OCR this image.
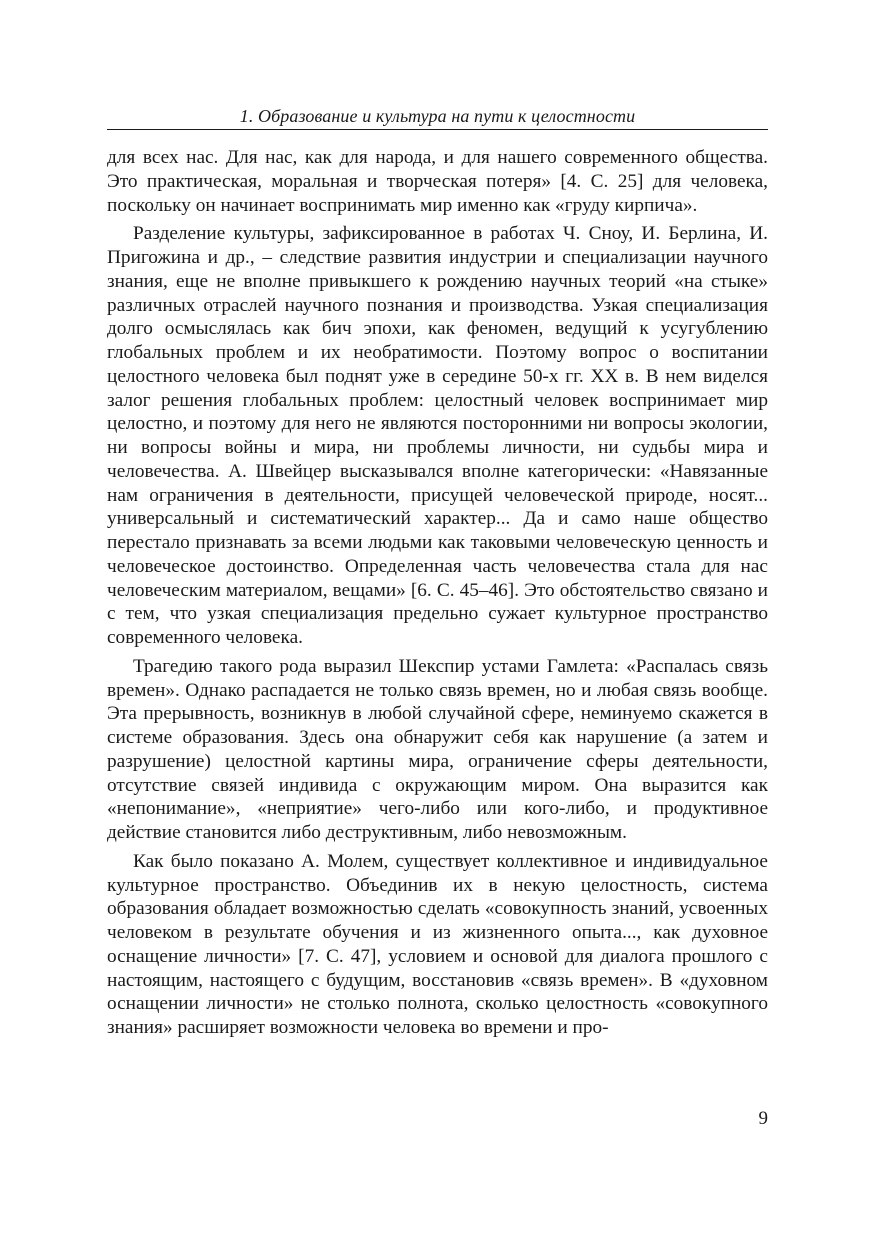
1. Образование и культура на пути к целостности

для всех нас. Для нас, как для народа, и для нашего современного общества. Это практическая, моральная и творческая потеря» [4. С. 25] для человека, поскольку он начинает воспринимать мир именно как «груду кирпича».

Разделение культуры, зафиксированное в работах Ч. Сноу, И. Берлина, И. Пригожина и др., – следствие развития индустрии и специализации научного знания, еще не вполне привыкшего к рождению научных теорий «на стыке» различных отраслей научного познания и производства. Узкая специализация долго осмыслялась как бич эпохи, как феномен, ведущий к усугублению глобальных проблем и их необратимости. Поэтому вопрос о воспитании целостного человека был поднят уже в середине 50-х гг. XX в. В нем виделся залог решения глобальных проблем: целостный человек воспринимает мир целостно, и поэтому для него не являются посторонними ни вопросы экологии, ни вопросы войны и мира, ни проблемы личности, ни судьбы мира и человечества. А. Швейцер высказывался вполне категорически: «Навязанные нам ограничения в деятельности, присущей человеческой природе, носят... универсальный и систематический характер... Да и само наше общество перестало признавать за всеми людьми как таковыми человеческую ценность и человеческое достоинство. Определенная часть человечества стала для нас человеческим материалом, вещами» [6. С. 45–46]. Это обстоятельство связано и с тем, что узкая специализация предельно сужает культурное пространство современного человека.

Трагедию такого рода выразил Шекспир устами Гамлета: «Распалась связь времен». Однако распадается не только связь времен, но и любая связь вообще. Эта прерывность, возникнув в любой случайной сфере, неминуемо скажется в системе образования. Здесь она обнаружит себя как нарушение (а затем и разрушение) целостной картины мира, ограничение сферы деятельности, отсутствие связей индивида с окружающим миром. Она выразится как «непонимание», «неприятие» чего-либо или кого-либо, и продуктивное действие становится либо деструктивным, либо невозможным.

Как было показано А. Молем, существует коллективное и индивидуальное культурное пространство. Объединив их в некую целостность, система образования обладает возможностью сделать «совокупность знаний, усвоенных человеком в результате обучения и из жизненного опыта..., как духовное оснащение личности» [7. С. 47], условием и основой для диалога прошлого с настоящим, настоящего с будущим, восстановив «связь времен». В «духовном оснащении личности» не столько полнота, сколько целостность «совокупного знания» расширяет возможности человека во времени и про-

9
